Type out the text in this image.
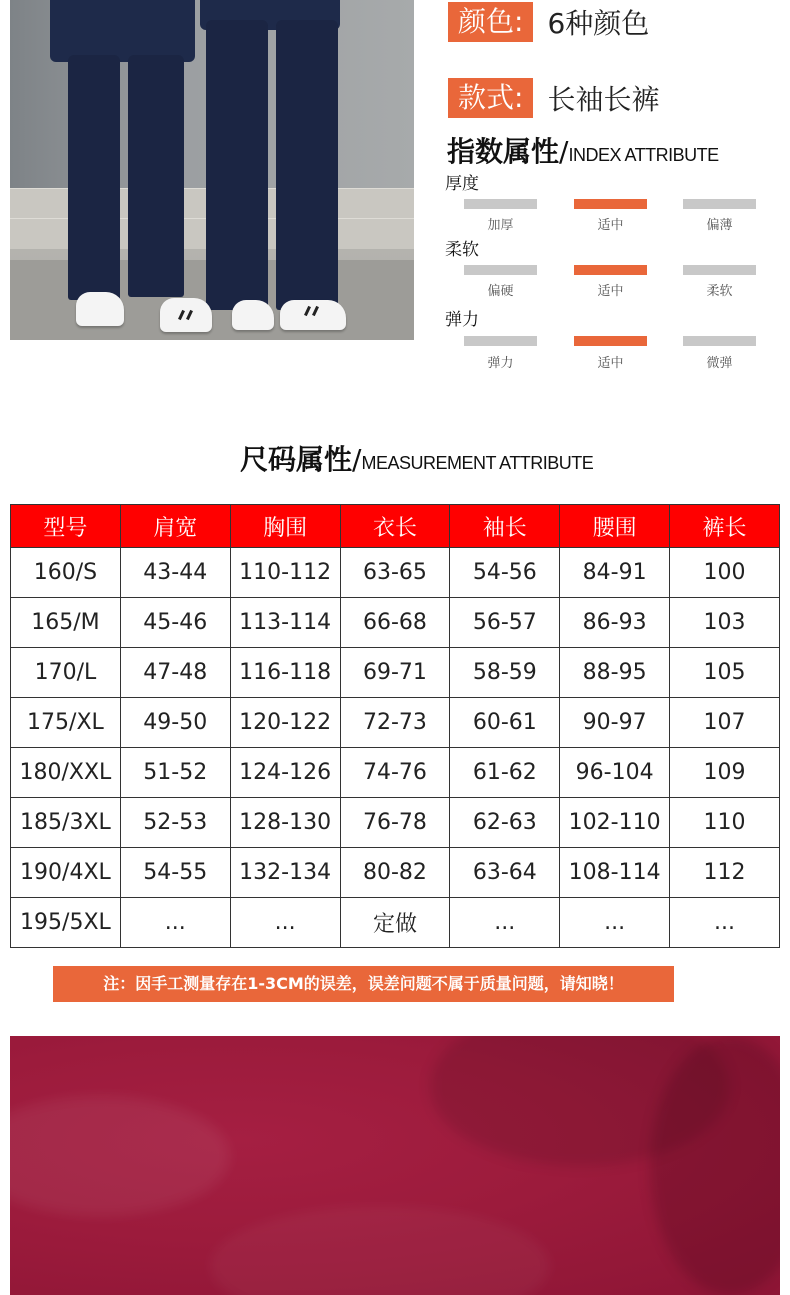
颜色: 6种颜色
款式: 长袖长裤
指数属性 / INDEX ATTRIBUTE
厚度
加厚	适中	偏薄
柔软
偏硬	适中	柔软
弹力
弹力	适中	微弹
尺码属性 / MEASUREMENT ATTRIBUTE
型号	肩宽	胸围	衣长	袖长	腰围	裤长
160/S	43-44	110-112	63-65	54-56	84-91	100
165/M	45-46	113-114	66-68	56-57	86-93	103
170/L	47-48	116-118	69-71	58-59	88-95	105
175/XL	49-50	120-122	72-73	60-61	90-97	107
180/XXL	51-52	124-126	74-76	61-62	96-104	109
185/3XL	52-53	128-130	76-78	62-63	102-110	110
190/4XL	54-55	132-134	80-82	63-64	108-114	112
195/5XL	...	...	定做	...	...	...
注：因手工测量存在1-3CM的误差，误差问题不属于质量问题，请知晓！
